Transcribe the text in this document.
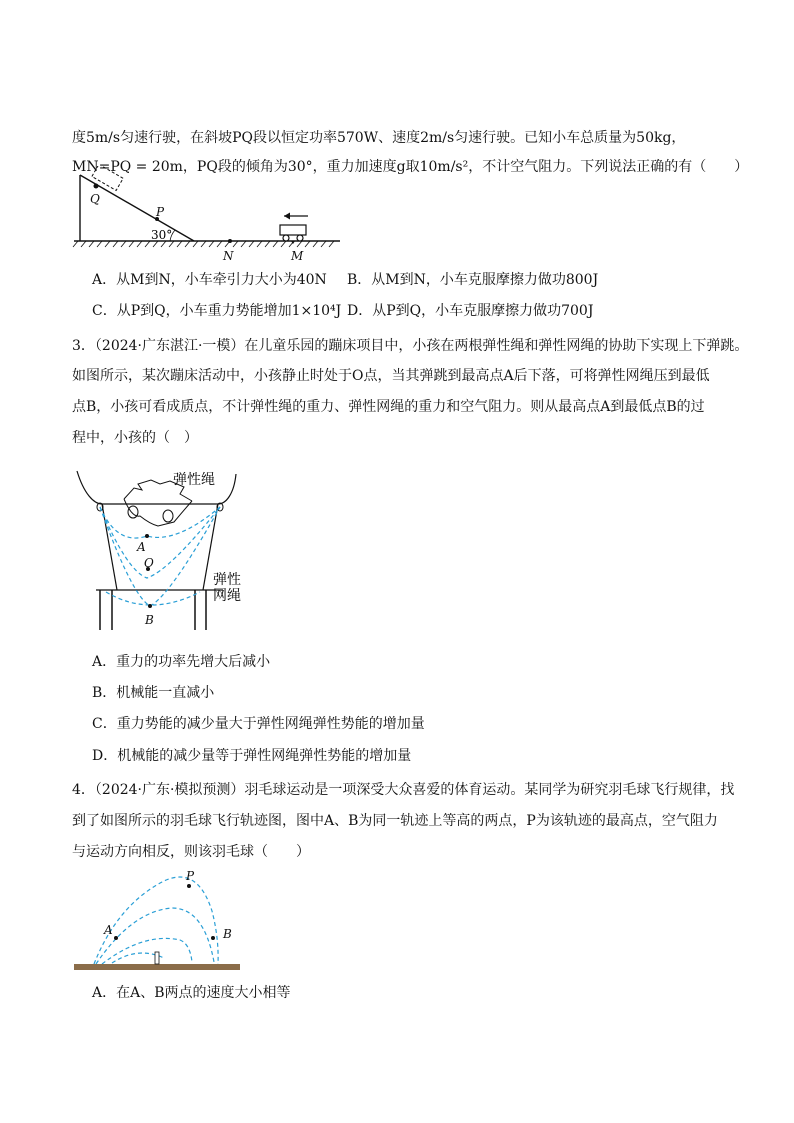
度5m/s匀速行驶，在斜坡PQ段以恒定功率570W、速度2m/s匀速行驶。已知小车总质量为50kg，
MN=PQ = 20m，PQ段的倾角为30°，重力加速度g取10m/s²，不计空气阻力。下列说法正确的有（　　）
Q
P
30°
N	M
A．从M到N，小车牵引力大小为40N B．从M到N，小车克服摩擦力做功800J
C．从P到Q，小车重力势能增加1×10⁴J D．从P到Q，小车克服摩擦力做功700J
3．（2024·广东湛江·一模）在儿童乐园的蹦床项目中，小孩在两根弹性绳和弹性网绳的协助下实现上下弹跳。
如图所示，某次蹦床活动中，小孩静止时处于O点，当其弹跳到最高点A后下落，可将弹性网绳压到最低
点B，小孩可看成质点，不计弹性绳的重力、弹性网绳的重力和空气阻力。则从最高点A到最低点B的过
程中，小孩的（　）
A
O
B
弹性绳
弹性
网绳
A．重力的功率先增大后减小
B．机械能一直减小
C．重力势能的减少量大于弹性网绳弹性势能的增加量
D．机械能的减少量等于弹性网绳弹性势能的增加量
4．（2024·广东·模拟预测）羽毛球运动是一项深受大众喜爱的体育运动。某同学为研究羽毛球飞行规律，找
到了如图所示的羽毛球飞行轨迹图，图中A、B为同一轨迹上等高的两点，P为该轨迹的最高点，空气阻力
与运动方向相反，则该羽毛球（　　）
A
P
B
A．在A、B两点的速度大小相等
